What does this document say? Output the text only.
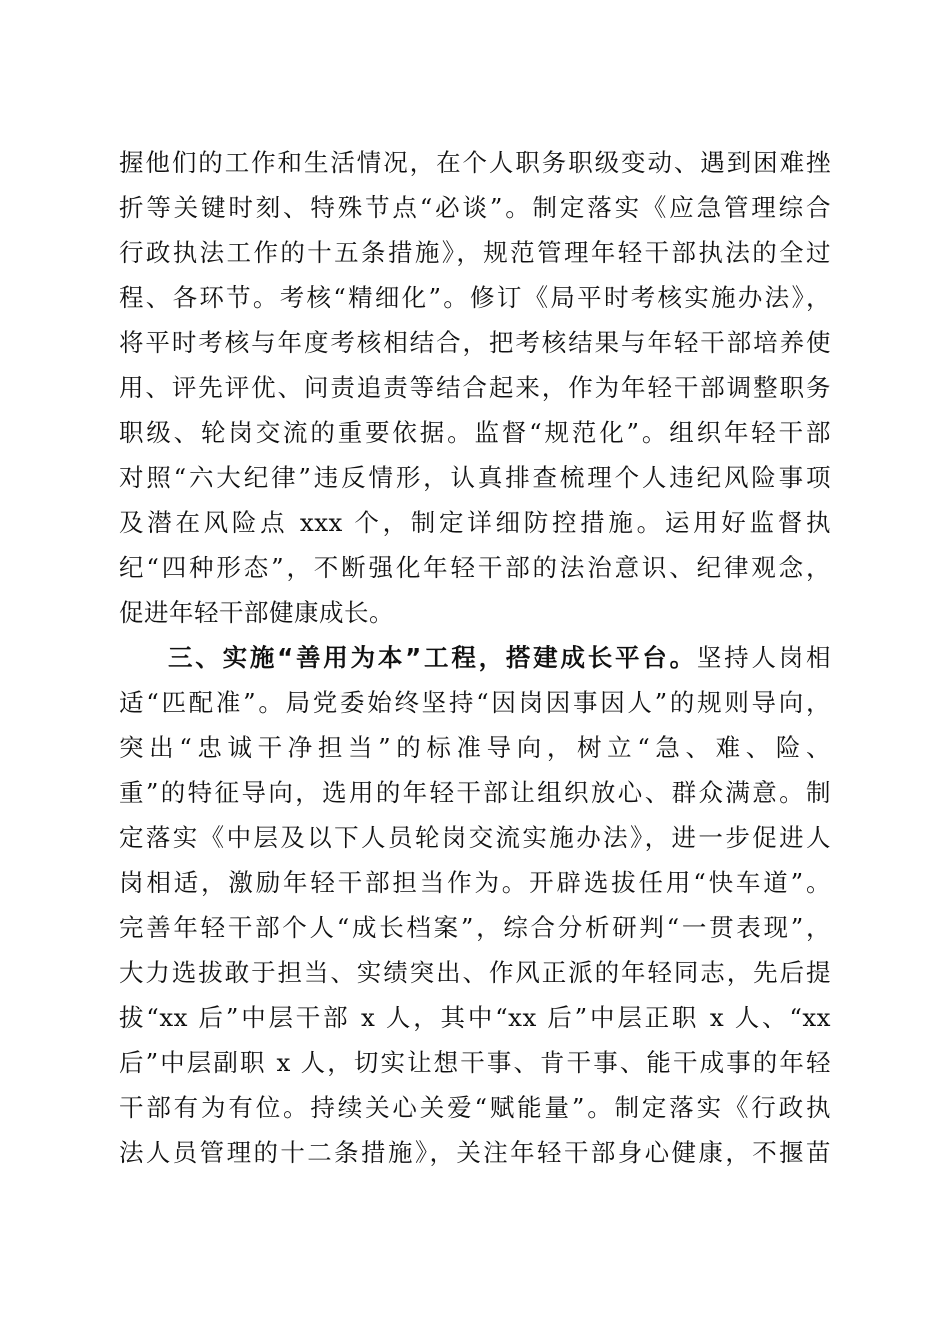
握他们的工作和生活情况，在个人职务职级变动、遇到困难挫
折等关键时刻、特殊节点“必谈”。制定落实《应急管理综合
行政执法工作的十五条措施》，规范管理年轻干部执法的全过
程、各环节。考核“精细化”。修订《局平时考核实施办法》，
将平时考核与年度考核相结合，把考核结果与年轻干部培养使
用、评先评优、问责追责等结合起来，作为年轻干部调整职务
职级、轮岗交流的重要依据。监督“规范化”。组织年轻干部
对照“六大纪律”违反情形，认真排查梳理个人违纪风险事项
及潜在风险点 xxx 个，制定详细防控措施。运用好监督执
纪“四种形态”，不断强化年轻干部的法治意识、纪律观念，
促进年轻干部健康成长。
三、实施“善用为本”工程，搭建成长平台。坚持人岗相
适“匹配准”。局党委始终坚持“因岗因事因人”的规则导向，
突出“忠诚干净担当”的标准导向，树立“急、难、险、
重”的特征导向，选用的年轻干部让组织放心、群众满意。制
定落实《中层及以下人员轮岗交流实施办法》，进一步促进人
岗相适，激励年轻干部担当作为。开辟选拔任用“快车道”。
完善年轻干部个人“成长档案”，综合分析研判“一贯表现”，
大力选拔敢于担当、实绩突出、作风正派的年轻同志，先后提
拔“xx 后”中层干部 x 人，其中“xx 后”中层正职 x 人、“xx
后”中层副职 x 人，切实让想干事、肯干事、能干成事的年轻
干部有为有位。持续关心关爱“赋能量”。制定落实《行政执
法人员管理的十二条措施》，关注年轻干部身心健康，不揠苗
